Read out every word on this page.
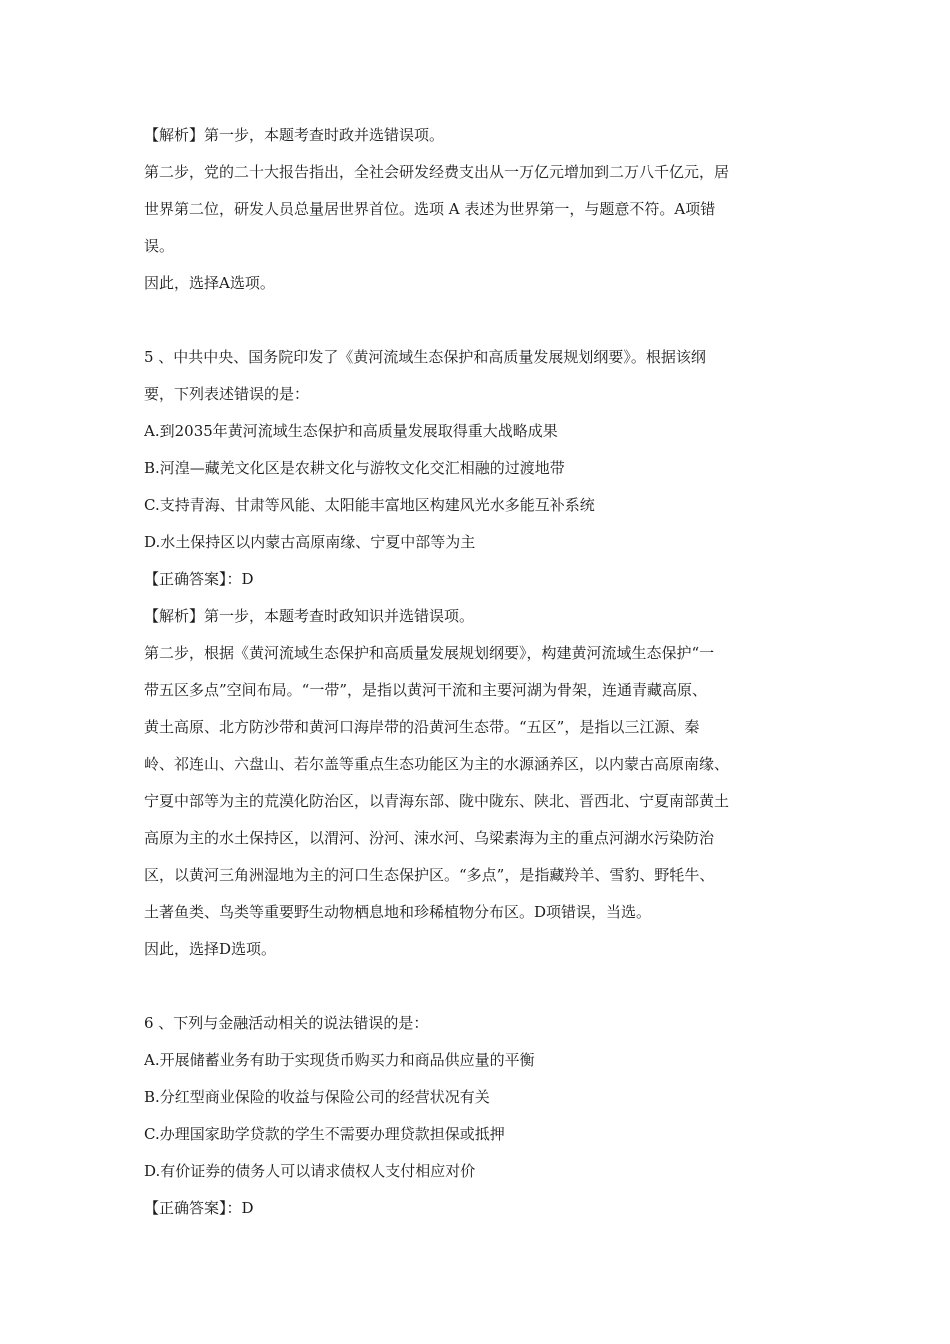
【解析】第一步，本题考查时政并选错误项。
第二步，党的二十大报告指出，全社会研发经费支出从一万亿元增加到二万八千亿元，居
世界第二位，研发人员总量居世界首位。选项 A 表述为世界第一，与题意不符。A项错
误。
因此，选择A选项。
5 、中共中央、国务院印发了《黄河流域生态保护和高质量发展规划纲要》。根据该纲
要，下列表述错误的是：
A.到2035年黄河流域生态保护和高质量发展取得重大战略成果
B.河湟—藏羌文化区是农耕文化与游牧文化交汇相融的过渡地带
C.支持青海、甘肃等风能、太阳能丰富地区构建风光水多能互补系统
D.水土保持区以内蒙古高原南缘、宁夏中部等为主
【正确答案】：D
【解析】第一步，本题考查时政知识并选错误项。
第二步，根据《黄河流域生态保护和高质量发展规划纲要》，构建黄河流域生态保护“一
带五区多点”空间布局。“一带”，是指以黄河干流和主要河湖为骨架，连通青藏高原、
黄土高原、北方防沙带和黄河口海岸带的沿黄河生态带。“五区”，是指以三江源、秦
岭、祁连山、六盘山、若尔盖等重点生态功能区为主的水源涵养区，以内蒙古高原南缘、
宁夏中部等为主的荒漠化防治区，以青海东部、陇中陇东、陕北、晋西北、宁夏南部黄土
高原为主的水土保持区，以渭河、汾河、涑水河、乌梁素海为主的重点河湖水污染防治
区，以黄河三角洲湿地为主的河口生态保护区。“多点”，是指藏羚羊、雪豹、野牦牛、
土著鱼类、鸟类等重要野生动物栖息地和珍稀植物分布区。D项错误，当选。
因此，选择D选项。
6 、下列与金融活动相关的说法错误的是：
A.开展储蓄业务有助于实现货币购买力和商品供应量的平衡
B.分红型商业保险的收益与保险公司的经营状况有关
C.办理国家助学贷款的学生不需要办理贷款担保或抵押
D.有价证券的债务人可以请求债权人支付相应对价
【正确答案】：D
